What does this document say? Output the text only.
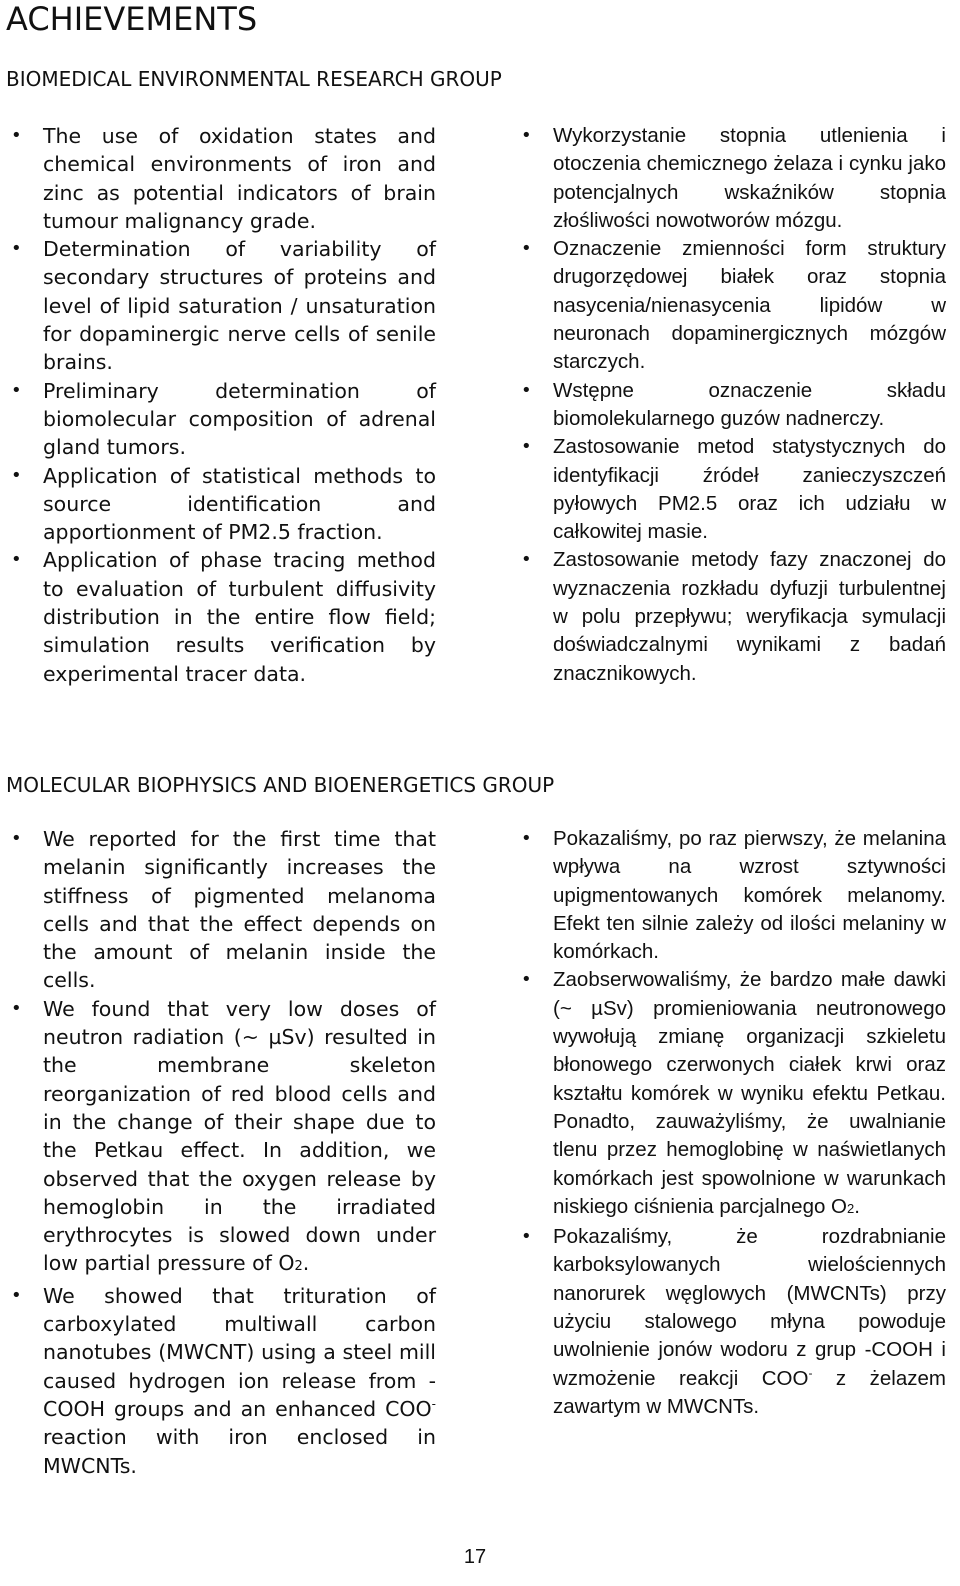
ACHIEVEMENTS
BIOMEDICAL ENVIRONMENTAL RESEARCH GROUP
• The use of oxidation states and chemical environments of iron and zinc as potential indicators of brain tumour malignancy grade.
• Determination of variability of secondary structures of proteins and level of lipid saturation / unsaturation for dopaminergic nerve cells of senile brains.
• Preliminary determination of biomolecular composition of adrenal gland tumors.
• Application of statistical methods to source identification and apportionment of PM2.5 fraction.
• Application of phase tracing method to evaluation of turbulent diffusivity distribution in the entire flow field; simulation results verification by experimental tracer data.
• Wykorzystanie stopnia utlenienia i otoczenia chemicznego żelaza i cynku jako potencjalnych wskaźników stopnia złośliwości nowotworów mózgu.
• Oznaczenie zmienności form struktury drugorzędowej białek oraz stopnia nasycenia/nienasycenia lipidów w neuronach dopaminergicznych mózgów starczych.
• Wstępne oznaczenie składu biomolekularnego guzów nadnerczy.
• Zastosowanie metod statystycznych do identyfikacji źródeł zanieczyszczeń pyłowych PM2.5 oraz ich udziału w całkowitej masie.
• Zastosowanie metody fazy znaczonej do wyznaczenia rozkładu dyfuzji turbulentnej w polu przepływu; weryfikacja symulacji doświadczalnymi wynikami z badań znacznikowych.
MOLECULAR BIOPHYSICS AND BIOENERGETICS GROUP
• We reported for the first time that melanin significantly increases the stiffness of pigmented melanoma cells and that the effect depends on the amount of melanin inside the cells.
• We found that very low doses of neutron radiation (~ µSv) resulted in the membrane skeleton reorganization of red blood cells and in the change of their shape due to the Petkau effect. In addition, we observed that the oxygen release by hemoglobin in the irradiated erythrocytes is slowed down under low partial pressure of O2.
• We showed that trituration of carboxylated multiwall carbon nanotubes (MWCNT) using a steel mill caused hydrogen ion release from -COOH groups and an enhanced COO- reaction with iron enclosed in MWCNTs.
• Pokazaliśmy, po raz pierwszy, że melanina wpływa na wzrost sztywności upigmentowanych komórek melanomy. Efekt ten silnie zależy od ilości melaniny w komórkach.
• Zaobserwowaliśmy, że bardzo małe dawki (~ µSv) promieniowania neutronowego wywołują zmianę organizacji szkieletu błonowego czerwonych ciałek krwi oraz kształtu komórek w wyniku efektu Petkau. Ponadto, zauważyliśmy, że uwalnianie tlenu przez hemoglobinę w naświetlanych komórkach jest spowolnione w warunkach niskiego ciśnienia parcjalnego O2.
• Pokazaliśmy, że rozdrabnianie karboksylowanych wielościennych nanorurek węglowych (MWCNTs) przy użyciu stalowego młyna powoduje uwolnienie jonów wodoru z grup -COOH i wzmożenie reakcji COO- z żelazem zawartym w MWCNTs.
17
